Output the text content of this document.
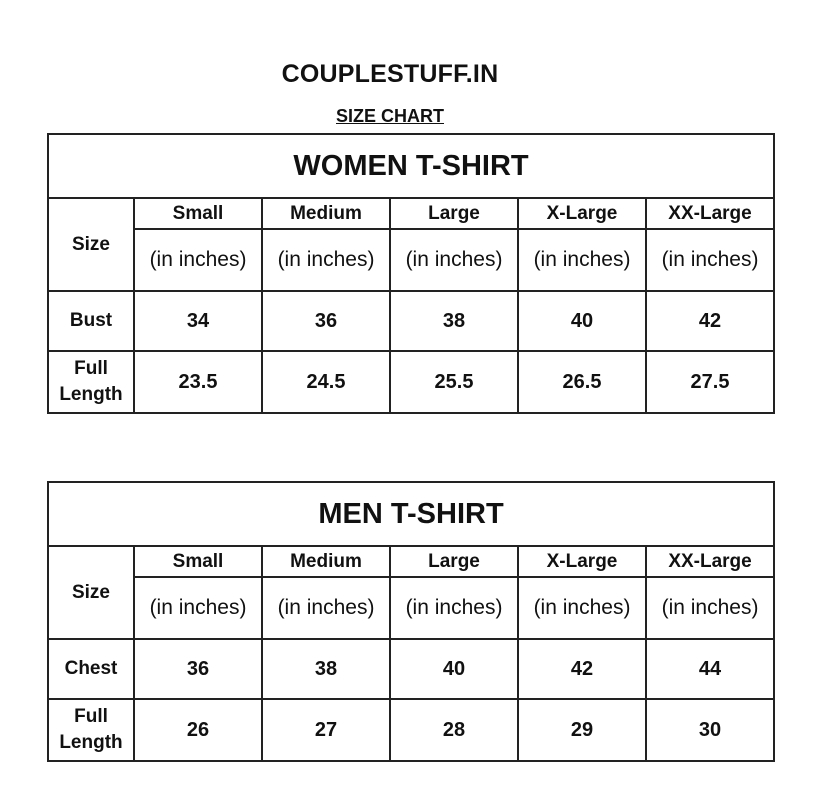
COUPLESTUFF.IN
SIZE CHART
WOMEN T-SHIRT					
Size	Small	Medium	Large	X-Large	XX-Large
	(in inches)	(in inches)	(in inches)	(in inches)	(in inches)
Bust	34	36	38	40	42
Full
Length	23.5	24.5	25.5	26.5	27.5
MEN T-SHIRT					
Size	Small	Medium	Large	X-Large	XX-Large
	(in inches)	(in inches)	(in inches)	(in inches)	(in inches)
Chest	36	38	40	42	44
Full
Length	26	27	28	29	30
